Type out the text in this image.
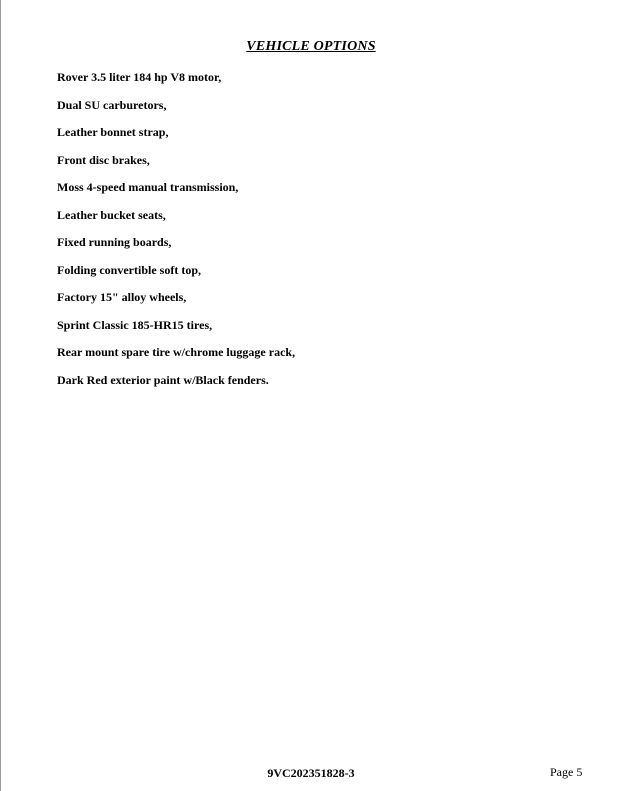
VEHICLE OPTIONS
Rover 3.5 liter 184 hp V8 motor,
Dual SU carburetors,
Leather bonnet strap,
Front disc brakes,
Moss 4-speed manual transmission,
Leather bucket seats,
Fixed running boards,
Folding convertible soft top,
Factory 15" alloy wheels,
Sprint Classic 185-HR15 tires,
Rear mount spare tire w/chrome luggage rack,
Dark Red exterior paint w/Black fenders.
9VC202351828-3	Page 5
